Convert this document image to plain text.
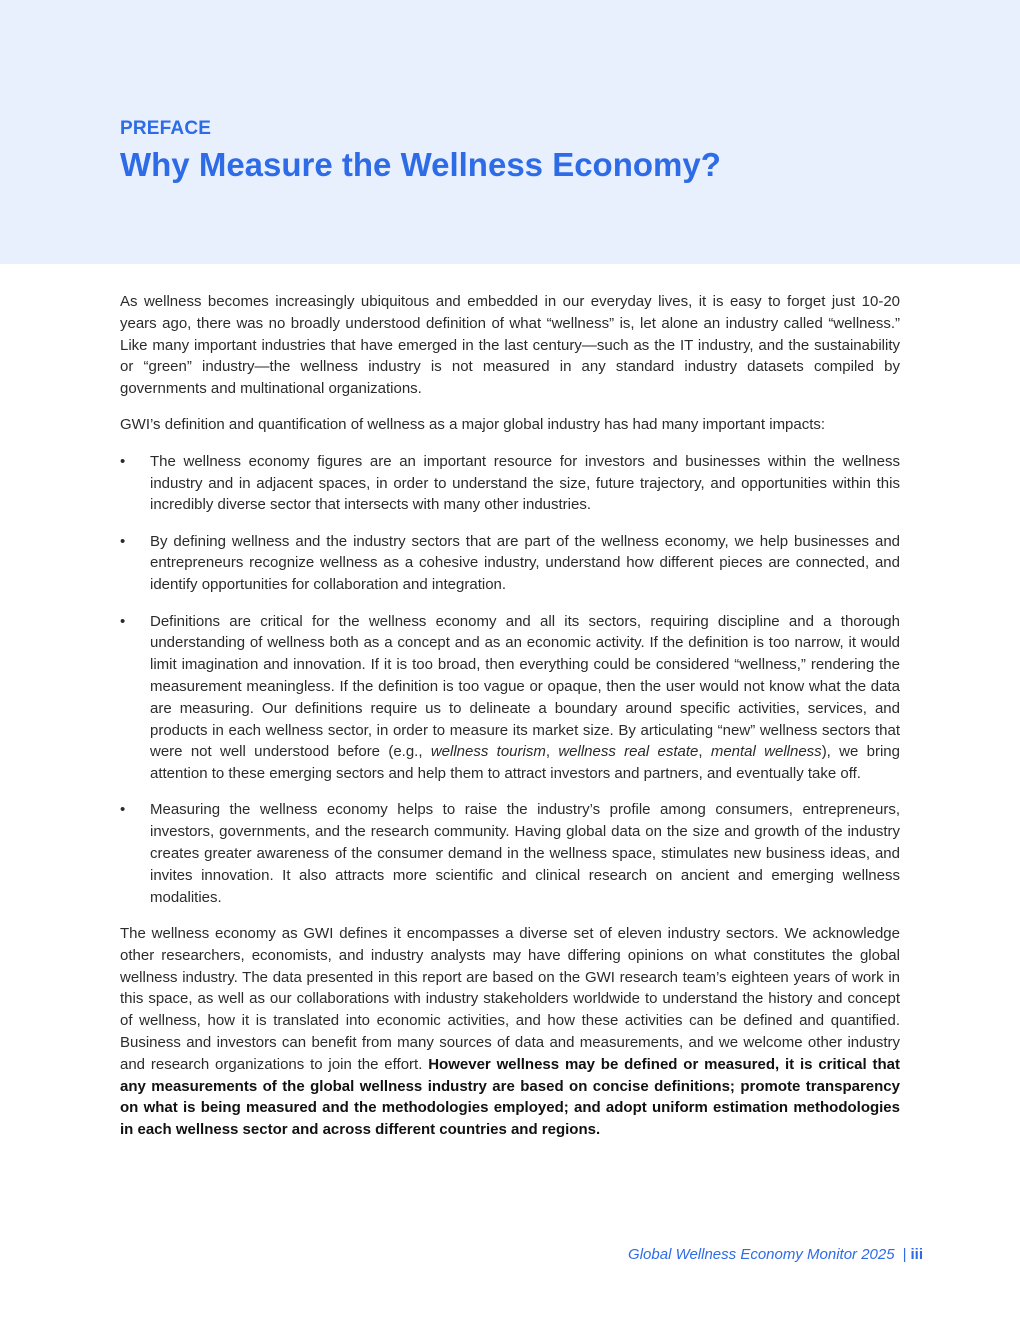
PREFACE

Why Measure the Wellness Economy?

As wellness becomes increasingly ubiquitous and embedded in our everyday lives, it is easy to forget just 10-20 years ago, there was no broadly understood definition of what “wellness” is, let alone an industry called “wellness.” Like many important industries that have emerged in the last century—such as the IT industry, and the sustainability or “green” industry—the wellness industry is not measured in any standard industry datasets compiled by governments and multinational organizations.

GWI’s definition and quantification of wellness as a major global industry has had many important impacts:

•	The wellness economy figures are an important resource for investors and businesses within the wellness industry and in adjacent spaces, in order to understand the size, future trajectory, and opportunities within this incredibly diverse sector that intersects with many other industries.
•	By defining wellness and the industry sectors that are part of the wellness economy, we help businesses and entrepreneurs recognize wellness as a cohesive industry, understand how different pieces are connected, and identify opportunities for collaboration and integration.
•	Definitions are critical for the wellness economy and all its sectors, requiring discipline and a thorough understanding of wellness both as a concept and as an economic activity. If the definition is too narrow, it would limit imagination and innovation. If it is too broad, then everything could be considered “wellness,” rendering the measurement meaningless. If the definition is too vague or opaque, then the user would not know what the data are measuring. Our definitions require us to delineate a boundary around specific activities, services, and products in each wellness sector, in order to measure its market size. By articulating “new” wellness sectors that were not well understood before (e.g., wellness tourism, wellness real estate, mental wellness), we bring attention to these emerging sectors and help them to attract investors and partners, and eventually take off.
•	Measuring the wellness economy helps to raise the industry’s profile among consumers, entrepreneurs, investors, governments, and the research community. Having global data on the size and growth of the industry creates greater awareness of the consumer demand in the wellness space, stimulates new business ideas, and invites innovation. It also attracts more scientific and clinical research on ancient and emerging wellness modalities.

The wellness economy as GWI defines it encompasses a diverse set of eleven industry sectors. We acknowledge other researchers, economists, and industry analysts may have differing opinions on what constitutes the global wellness industry. The data presented in this report are based on the GWI research team’s eighteen years of work in this space, as well as our collaborations with industry stakeholders worldwide to understand the history and concept of wellness, how it is translated into economic activities, and how these activities can be defined and quantified. Business and investors can benefit from many sources of data and measurements, and we welcome other industry and research organizations to join the effort. However wellness may be defined or measured, it is critical that any measurements of the global wellness industry are based on concise definitions; promote transparency on what is being measured and the methodologies employed; and adopt uniform estimation methodologies in each wellness sector and across different countries and regions.

Global Wellness Economy Monitor 2025 | iii
